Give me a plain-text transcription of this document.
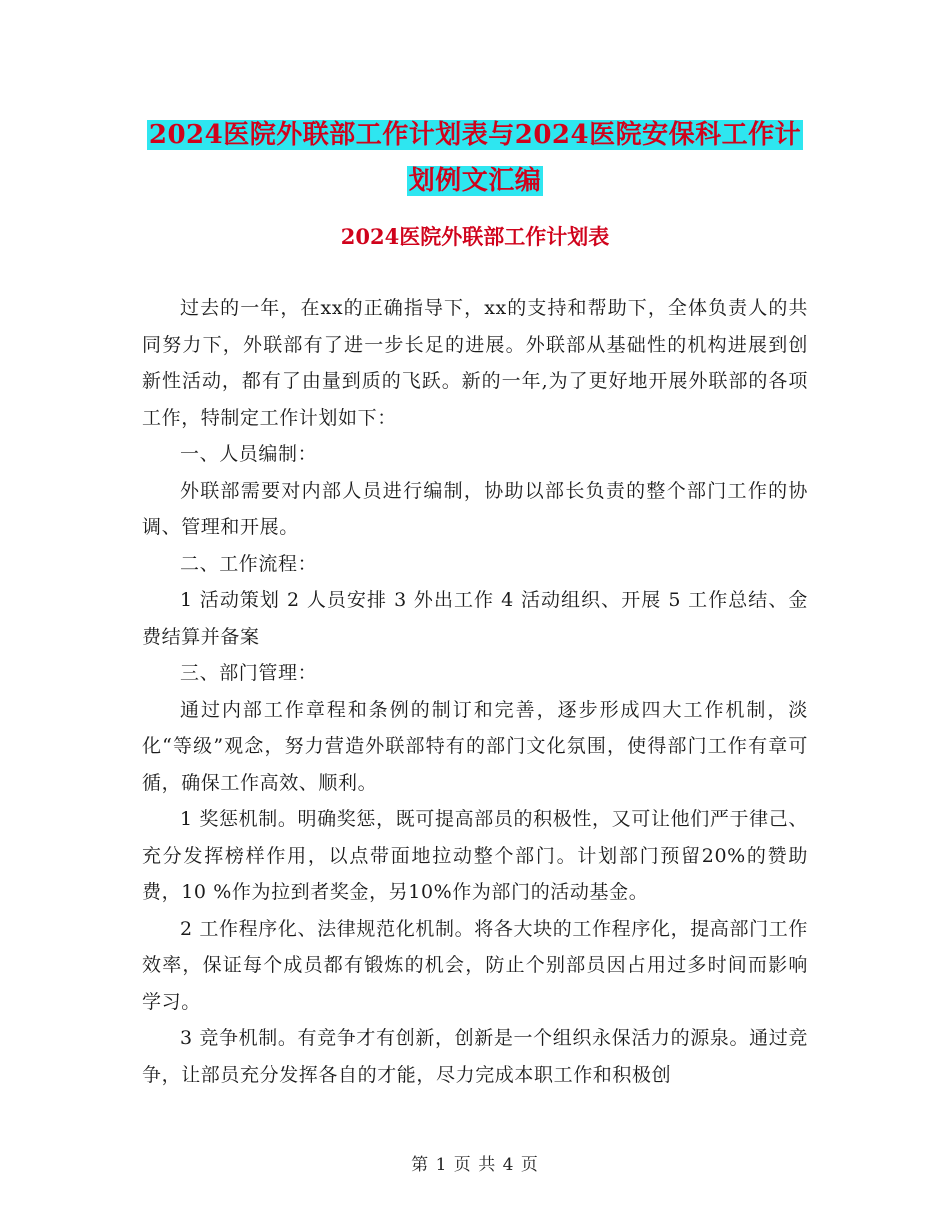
2024医院外联部工作计划表与2024医院安保科工作计
划例文汇编
2024医院外联部工作计划表

过去的一年，在xx的正确指导下，xx的支持和帮助下，全体负责人的共同努力下，外联部有了进一步长足的进展。外联部从基础性的机构进展到创新性活动，都有了由量到质的飞跃。新的一年,为了更好地开展外联部的各项工作，特制定工作计划如下：

一、人员编制：

外联部需要对内部人员进行编制，协助以部长负责的整个部门工作的协调、管理和开展。

二、工作流程：

1 活动策划 2 人员安排 3 外出工作 4 活动组织、开展 5 工作总结、金费结算并备案

三、部门管理：

通过内部工作章程和条例的制订和完善，逐步形成四大工作机制，淡化“等级”观念，努力营造外联部特有的部门文化氛围，使得部门工作有章可循，确保工作高效、顺利。

1 奖惩机制。明确奖惩，既可提高部员的积极性，又可让他们严于律己、充分发挥榜样作用，以点带面地拉动整个部门。计划部门预留20%的赞助费，10 %作为拉到者奖金，另10%作为部门的活动基金。

2 工作程序化、法律规范化机制。将各大块的工作程序化，提高部门工作效率，保证每个成员都有锻炼的机会，防止个别部员因占用过多时间而影响学习。

3 竞争机制。有竞争才有创新，创新是一个组织永保活力的源泉。通过竞争，让部员充分发挥各自的才能，尽力完成本职工作和积极创

第 1 页 共 4 页
